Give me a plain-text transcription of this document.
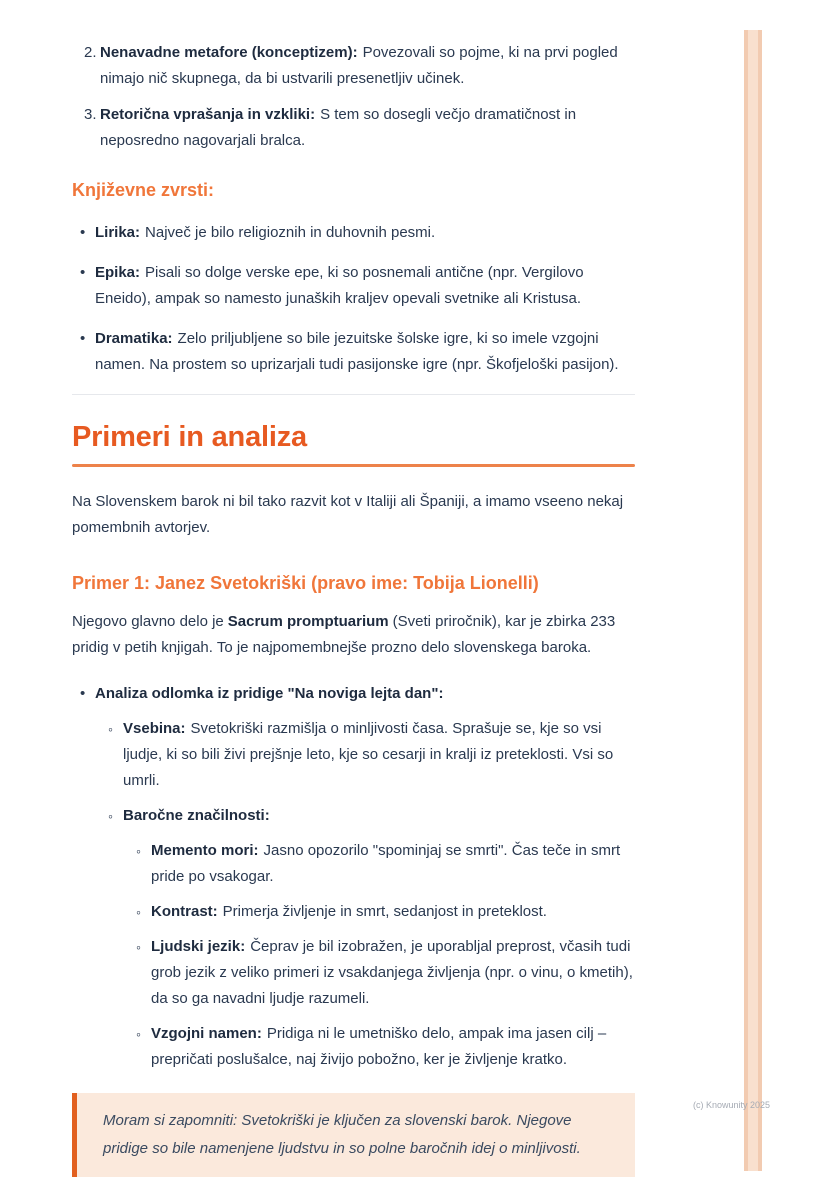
2. Nenavadne metafore (konceptizem): Povezovali so pojme, ki na prvi pogled nimajo nič skupnega, da bi ustvarili presenetljiv učinek.

3. Retorična vprašanja in vzkliki: S tem so dosegli večjo dramatičnost in neposredno nagovarjali bralca.

Književne zvrsti:
• Lirika: Največ je bilo religioznih in duhovnih pesmi.

• Epika: Pisali so dolge verske epe, ki so posnemali antične (npr. Vergilovo Eneido), ampak so namesto junaških kraljev opevali svetnike ali Kristusa.

• Dramatika: Zelo priljubljene so bile jezuitske šolske igre, ki so imele vzgojni namen. Na prostem so uprizarjali tudi pasijonske igre (npr. Škofjeloški pasijon).

Primeri in analiza

Na Slovenskem barok ni bil tako razvit kot v Italiji ali Španiji, a imamo vseeno nekaj pomembnih avtorjev.

Primer 1: Janez Svetokriški (pravo ime: Tobija Lionelli)

Njegovo glavno delo je Sacrum promptuarium (Sveti priročnik), kar je zbirka 233 pridig v petih knjigah. To je najpomembnejše prozno delo slovenskega baroka.

• Analiza odlomka iz pridige "Na noviga lejta dan":

◦ Vsebina: Svetokriški razmišlja o minljivosti časa. Sprašuje se, kje so vsi ljudje, ki so bili živi prejšnje leto, kje so cesarji in kralji iz preteklosti. Vsi so umrli.

◦ Baročne značilnosti:

◦ Memento mori: Jasno opozorilo "spominjaj se smrti". Čas teče in smrt pride po vsakogar.

◦ Kontrast: Primerja življenje in smrt, sedanjost in preteklost.

◦ Ljudski jezik: Čeprav je bil izobražen, je uporabljal preprost, včasih tudi grob jezik z veliko primeri iz vsakdanjega življenja (npr. o vinu, o kmetih), da so ga navadni ljudje razumeli.

◦ Vzgojni namen: Pridiga ni le umetniško delo, ampak ima jasen cilj – prepričati poslušalce, naj živijo pobožno, ker je življenje kratko.

Moram si zapomniti: Svetokriški je ključen za slovenski barok. Njegove pridige so bile namenjene ljudstvu in so polne baročnih idej o minljivosti.

(c) Knowunity 2025
